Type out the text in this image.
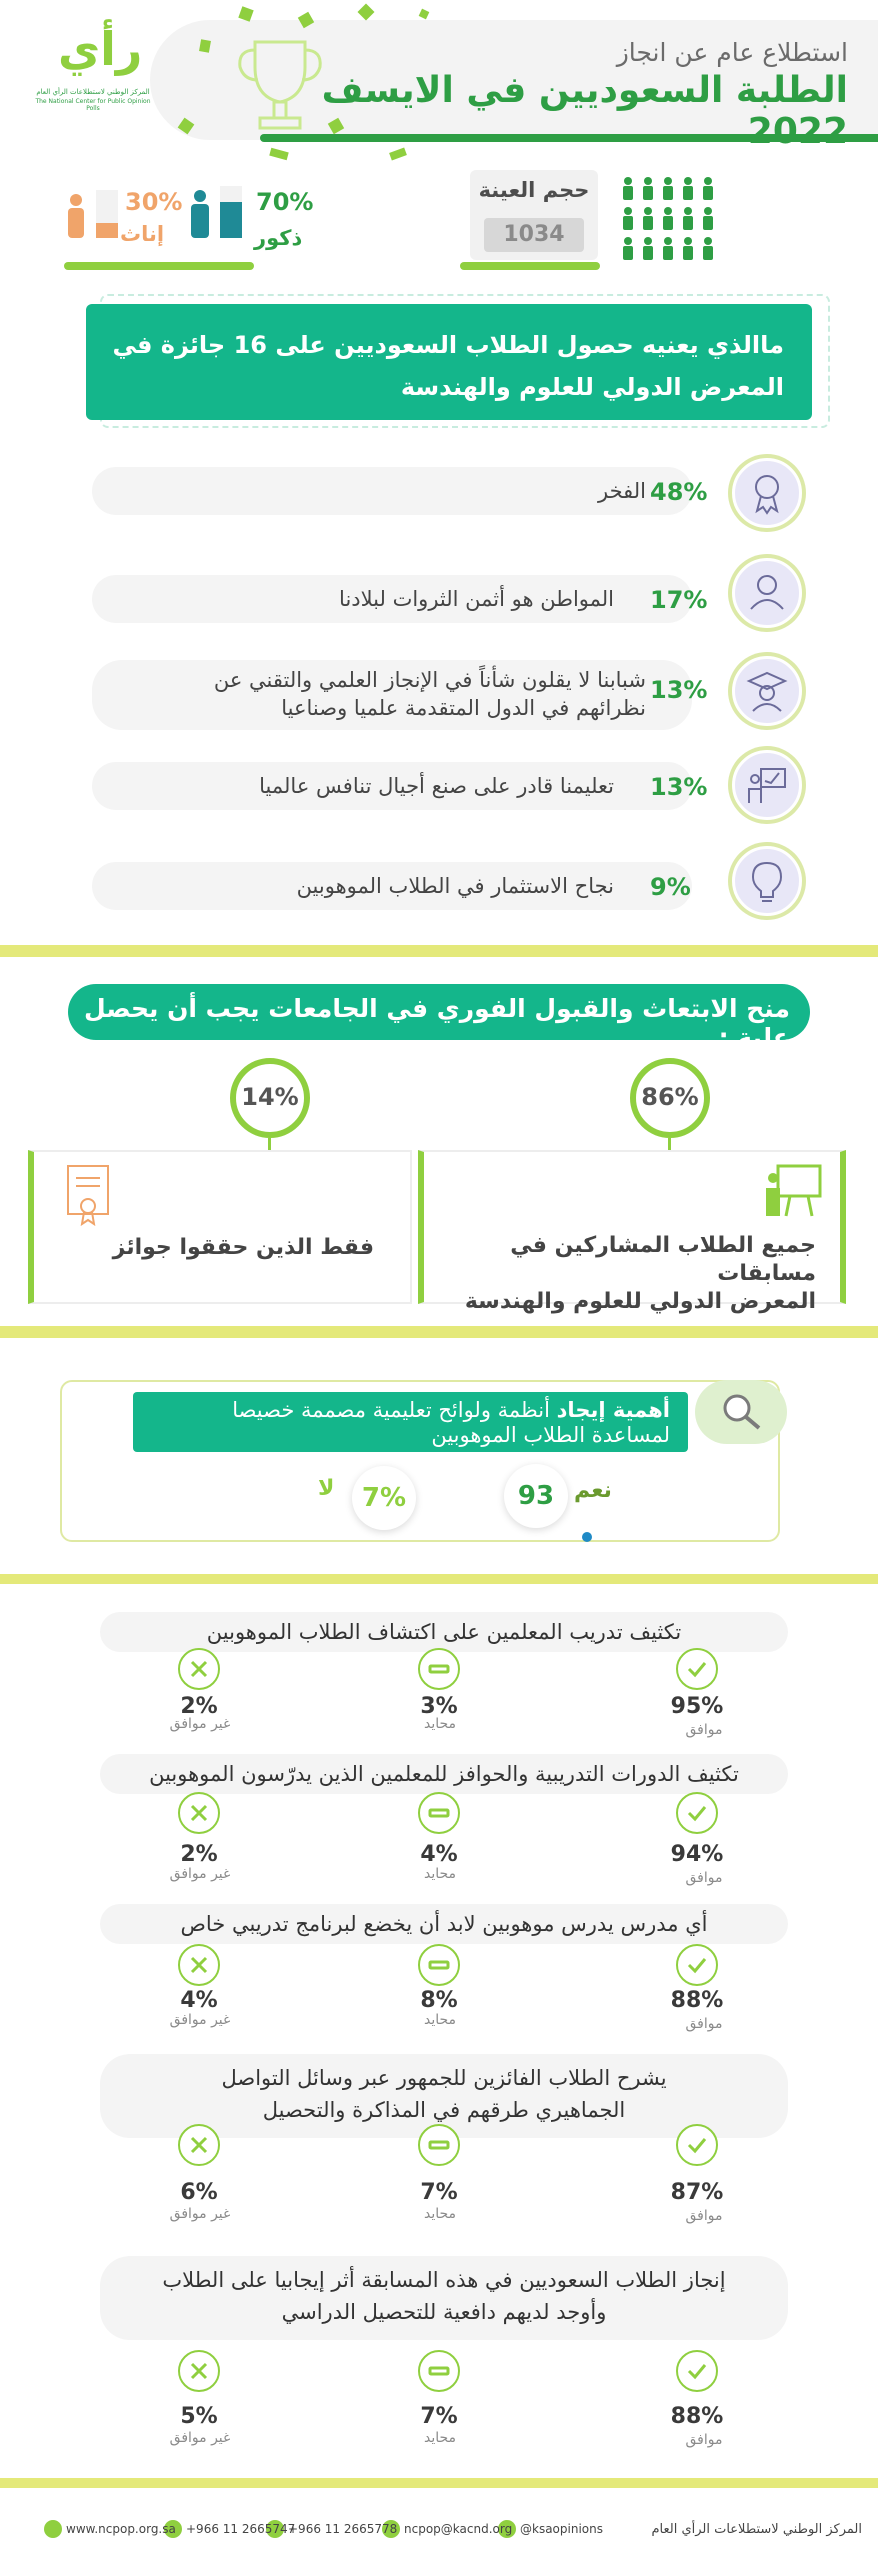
رأي
المركز الوطني لاستطلاعات الرأي العام
The National Center for Public Opinion Polls
استطلاع عام عن انجاز
الطلبة السعوديين في الايسف 2022
حجم العينة
1034
30%
إناث
70%
ذكور
ماالذي يعنيه حصول الطلاب السعوديين على 16 جائزة في
المعرض الدولي للعلوم والهندسة
الفخر 48%
المواطن هو أثمن الثروات لبلادنا 17%
شبابنا لا يقلون شأناً في الإنجاز العلمي والتقني عن
نظرائهم في الدول المتقدمة علميا وصناعيا
13%
تعليمنا قادر على صنع أجيال تنافس عالميا 13%
نجاح الاستثمار في الطلاب الموهوبين 9%
منح الابتعاث والقبول الفوري في الجامعات يجب أن يحصل علية :
86%
14%
جميع الطلاب المشاركين في مسابقات
المعرض الدولي للعلوم والهندسة
فقط الذين حققوا جوائز
أهمية إيجاد أنظمة ولوائح تعليمية مصممة خصيصا
لمساعدة الطلاب الموهوبين
نعم
93
لا	7%
تكثيف تدريب المعلمين على اكتشاف الطلاب الموهوبين
95%
3%
2%
موافق
محايد
غير موافق
تكثيف الدورات التدريبية والحوافز للمعلمين الذين يدرّسون الموهوبين
94%
4%
2%
موافق
محايد
غير موافق
أي مدرس يدرس موهوبين لابد أن يخضع لبرنامج تدريبي خاص
88%
8%
4%
موافق
محايد
غير موافق
يشرح الطلاب الفائزين للجمهور عبر وسائل التواصل
الجماهيري طرقهم في المذاكرة والتحصيل
87%
7%
6%
موافق
محايد
غير موافق
إنجاز الطلاب السعوديين في هذه المسابقة أثر إيجابيا على الطلاب
وأوجد لديهم دافعية للتحصيل الدراسي
88%
7%
5%
موافق
محايد
غير موافق
المركز الوطني لاستطلاعات الرأي العام
@ksaopinions
ncpop@kacnd.org
+966 11 2665778
+966 11 2665747
www.ncpop.org.sa
